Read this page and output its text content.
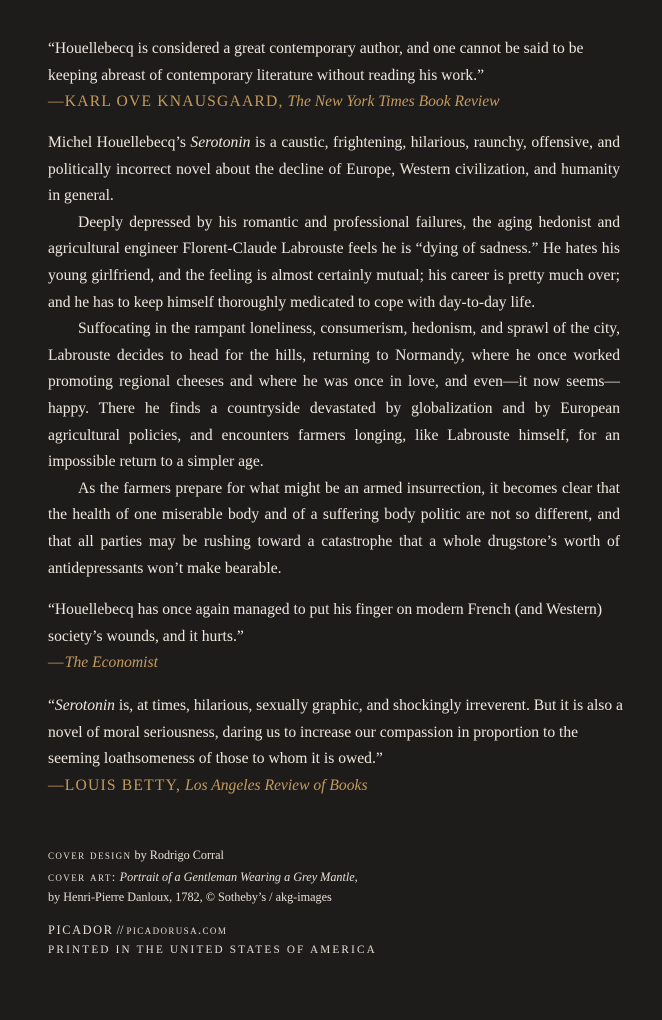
“Houellebecq is considered a great contemporary author, and one cannot be said to be keeping abreast of contemporary literature without reading his work.”
—KARL OVE KNAUSGAARD, The New York Times Book Review

Michel Houellebecq’s Serotonin is a caustic, frightening, hilarious, raunchy, offensive, and politically incorrect novel about the decline of Europe, Western civilization, and humanity in general.

Deeply depressed by his romantic and professional failures, the aging hedonist and agricultural engineer Florent-Claude Labrouste feels he is “dying of sadness.” He hates his young girlfriend, and the feeling is almost certainly mutual; his career is pretty much over; and he has to keep himself thoroughly medicated to cope with day-to-day life.

Suffocating in the rampant loneliness, consumerism, hedonism, and sprawl of the city, Labrouste decides to head for the hills, returning to Normandy, where he once worked promoting regional cheeses and where he was once in love, and even—it now seems—happy. There he finds a countryside devastated by globalization and by European agricultural policies, and encounters farmers longing, like Labrouste himself, for an impossible return to a simpler age.

As the farmers prepare for what might be an armed insurrection, it becomes clear that the health of one miserable body and of a suffering body politic are not so different, and that all parties may be rushing toward a catastrophe that a whole drugstore’s worth of antidepressants won’t make bearable.

“Houellebecq has once again managed to put his finger on modern French (and Western) society’s wounds, and it hurts.”
—The Economist
“Serotonin is, at times, hilarious, sexually graphic, and shockingly irreverent. But it is also a novel of moral seriousness, daring us to increase our compassion in proportion to the seeming loathsomeness of those to whom it is owed.”
—LOUIS BETTY, Los Angeles Review of Books
cover design by Rodrigo Corral
cover art: Portrait of a Gentleman Wearing a Grey Mantle,
by Henri-Pierre Danloux, 1782, © Sotheby’s / akg-images
PICADOR // picadorusa.com
PRINTED IN THE UNITED STATES OF AMERICA
